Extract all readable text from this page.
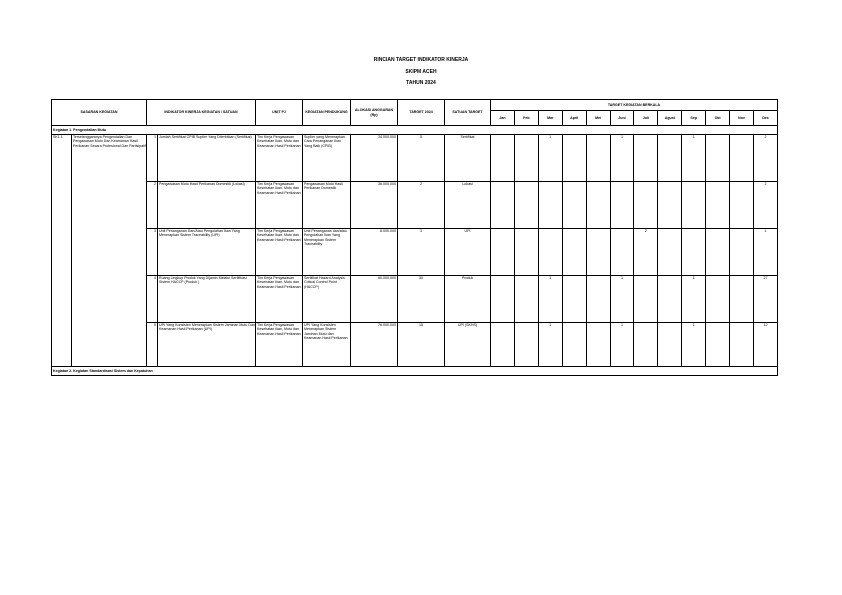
RINCIAN TARGET INDIKATOR KINERJA
SKIPM ACEH
TAHUN 2024
SASARAN KEGIATAN		INDIKATOR KINERJA KEGIATAN / SATUAN		UNIT PJ	KEGIATAN PENDUKUNG	ALOKASI ANGGARAN (Rp)	TARGET 2024	SATUAN TARGET	TARGET KEGIATAN BERKALA											
									Jan	Feb	Mar	April	Mei	Juni	Juli	Agust	Sep	Okt	Nov	Des
Kegiatan 1. Pengendalian Mutu																				
SK1.1	Terselenggaranya Pengendalian Dan Pengawasan Mutu Dan Keamanan Hasil Perikanan Secara Profesional Dan Partisipatif	1	Jumlah Sertifikat CPIB Supiler Yang Diterbitkan (Sertifikat)	Tim Kerja Pengawasan Kesehatan Ikan, Mutu dan Keamanan Hasil Perikanan	Suplier yang Menerapkan Cara Penanganan Ikan Yang Baik (CPIB)	34.000.000	5	Sertifikat			1			1			1			2
		2	Pengawasan Mutu Hasil Perikanan Domestik (Lokasi)	Tim Kerja Pengawasan Kesehatan Ikan, Mutu dan Keamanan Hasil Perikanan	Pengawasan Mutu Hasil Perikanan Domestik	36.000.000	2	Lokasi												2
		3	Unit Penanganan Dan/Atau Pengolahan Ikan Yang Menerapkan Sistem Traceability (UPI)	Tim Kerja Pengawasan Kesehatan Ikan, Mutu dan Keamanan Hasil Perikanan	Unit Penanganan dan/atau Pengolahan Ikan Yang Menerapkan Sistem Traceability	8.000.000	3	UPI							2					1
		4	Ruang Lingkup Produk Yang Dijamin Melalui Sertifikasi Sistem HACCP (Produk )	Tim Kerja Pengawasan Kesehatan Ikan, Mutu dan Keamanan Hasil Perikanan	Sertifikat Hazard Analysis Critical Control Point (HACCP)	60.000.000	30	Produk			1			1			1			27
		5	UPI Yang Konsisten Menerapkan Sistem Jaminan Mutu Dan Keamanan Hasil Perikanan (UPI)	Tim Kerja Pengawasan Kesehatan Ikan, Mutu dan Keamanan Hasil Perikanan	UPI Yang Konsisten Menerapkan Sistem Jaminan Mutu dan Keamanan Hasil Perikanan	76.000.000	15	UPI (SKHS)			1			1			1			12
Kegiatan 2. Kegiatan Standardisasi Sistem dan Kepatuhan																				
